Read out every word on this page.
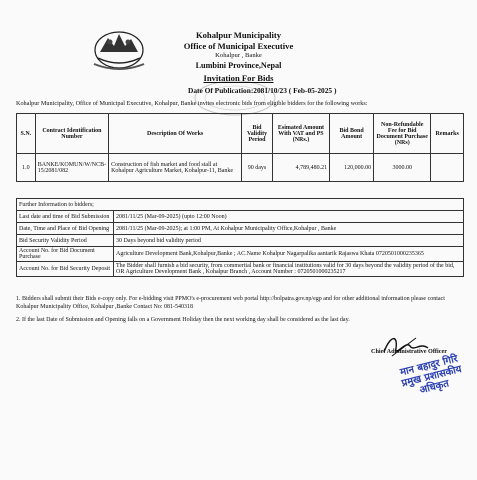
Kohalpur Municipality
Office of Municipal Executive
Kohalpur , Banke
Lumbini Province,Nepal
Invitation For Bids
Date Of Publication:2081/10/23 ( Feb-05-2025 )
Kohalpur Municipality, Office of Municipal Executive, Kohalpur, Banke invites electronic bids from eligible bidders for the following works:
S.N.	Contract Identification Number	Description Of Works	Bid Validity Period	Esimated Amount With VAT and PS (NRs.)	Bid Bond Amount	Non-Refundable Fee for Bid Document Purchase (NRs)	Remarks
1.0	BANKE/KOMUN/W/NCB-15/2081/082	Construction of fish market and food stall at Kohalpur Agriculture Market, Kohalpur-11, Banke	90 days	4,789,480.21	120,000.00	3000.00	
Further Information to bidders;	
Last date and time of Bid Submission	2081/11/25 (Mar-09-2025) (upto 12:00 Noon)
Date, Time and Place of Bid Opening	2081/11/25 (Mar-09-2025); at 1:00 PM, At Kohalpur Municipality Office,Kohalpur , Banke
Bid Security Validity Period	30 Days beyond bid validity period
Account No. for Bid Document Purchase	Agriculture Development Bank,Kohalpur,Banke ; AC.Name Kohalpur Nagarpalika aantarik Rajaswa Khata 0720501000235365
Account No. for Bid Security Deposit	The Bidder shall furnish a bid security, from commertial bank or financial institutions valid for 30 days beyond the validity period of the bid, OR Agriculture Development Bank , Kohalpur Branch , Account Number : 0720501000235217
1. Bidders shall submit their Bids e-copy only. For e-bidding visit PPMO's e-procurement web portal http://bolpatra.gov.np/egp and for other additional information please contact Kohalpur Municipality Office, Kohalpur ,Banke Contact No: 081-540318
2. If the last Date of Submission and Opening falls on a Government Holiday then the next working day shall be considered as the last day.
Chief Administrative Officer
मान बहादुर गिरि प्रमुख प्रशासकीय अधिकृत
